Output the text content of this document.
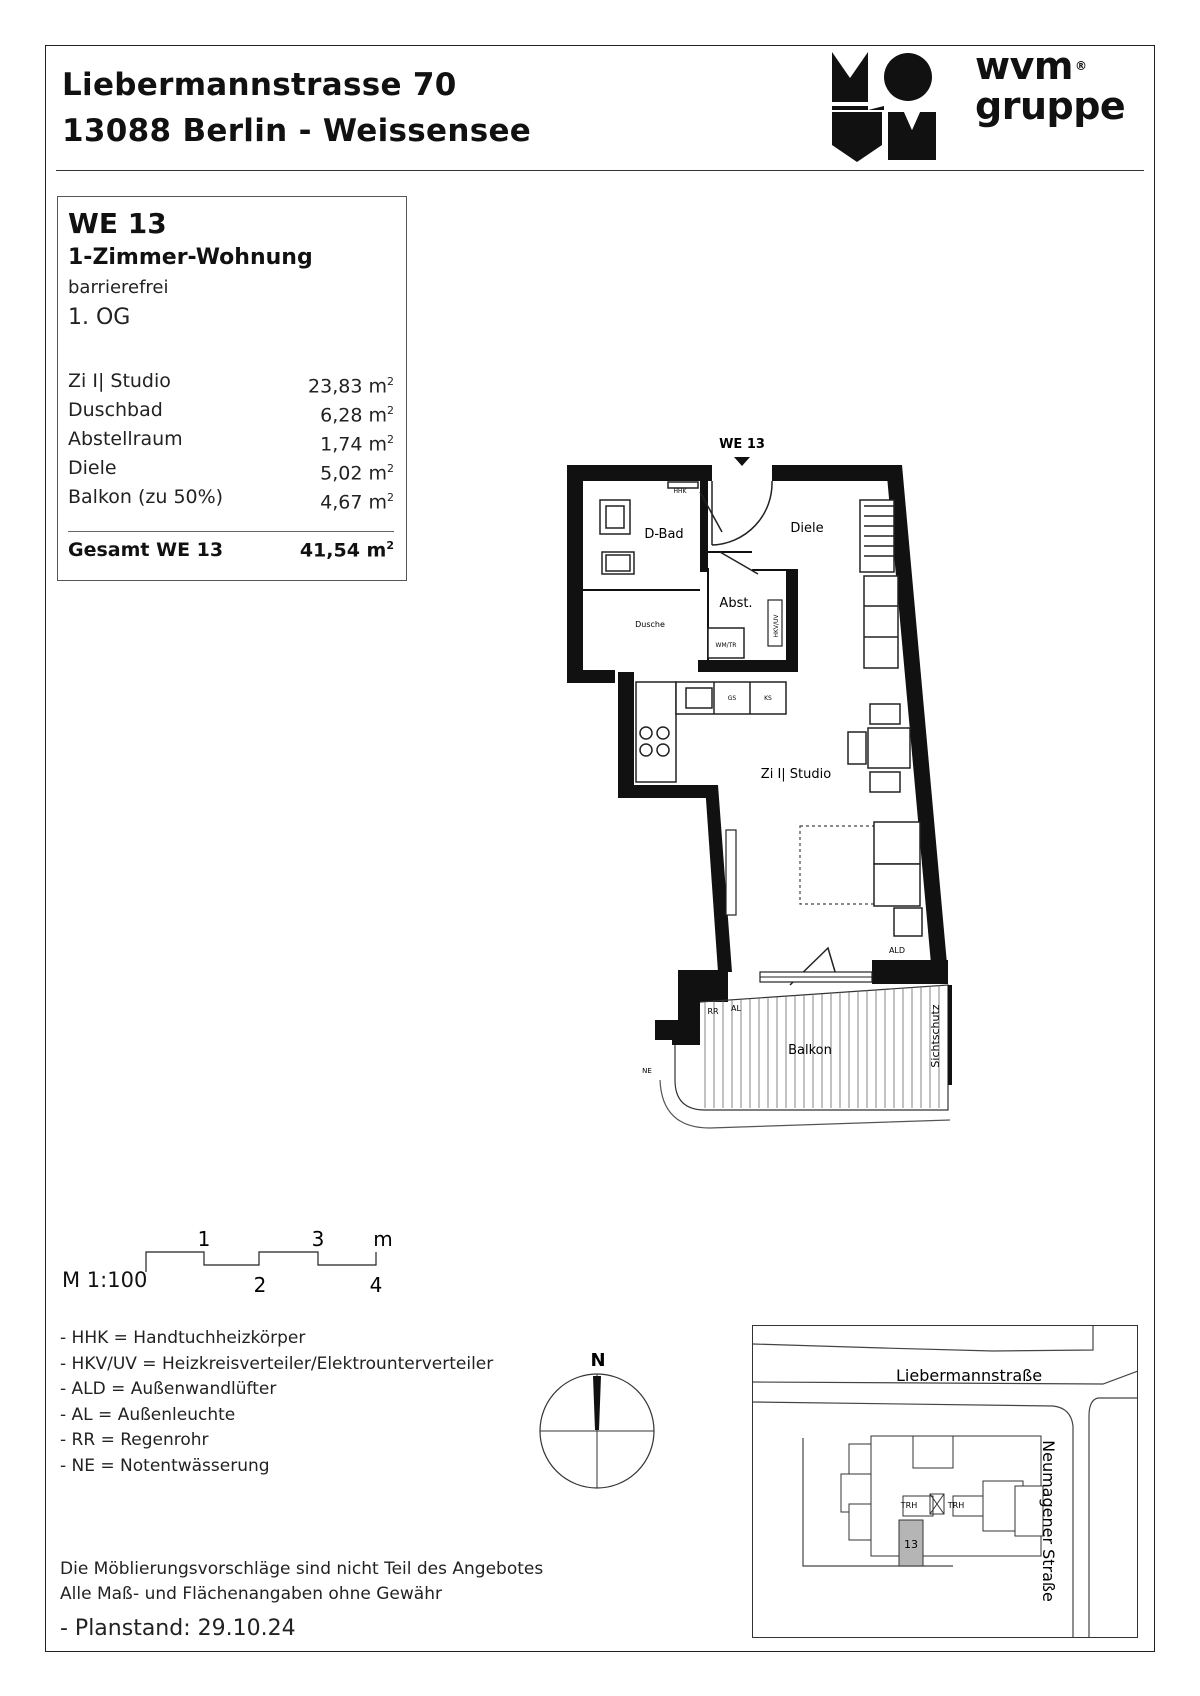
Liebermannstrasse 70
13088 Berlin - Weissensee
wvm ®
gruppe
WE 13
1-Zimmer-Wohnung
barrierefrei
1. OG
Zi I| Studio	23,83 $m^2$
Duschbad	6,28 $m^2$
Abstellraum	1,74 $m^2$
Diele	5,02 $m^2$
Balkon (zu 50%)	4,67 $m^2$
Gesamt WE 13	41,54 $m^2$
WE 13
HHK
D-Bad	Diele
Dusche
Abst.
WM/TR
HKV/UV
GS	KS
Zi I| Studio
ALD
RR AL
Balkon
NE
Sichtschutz
1	3 m
2	4
N
M 1:100
- HHK = Handtuchheizkörper
- HKV/UV = Heizkreisverteiler/Elektrounterverteiler
- ALD = Außenwandlüfter
- AL = Außenleuchte
- RR = Regenrohr
- NE = Notentwässerung
Liebermannstraße
Neumagener Straße
TRH	TRH
13
Die Möblierungsvorschläge sind nicht Teil des Angebotes
Alle Maß- und Flächenangaben ohne Gewähr
- Planstand: 29.10.24
